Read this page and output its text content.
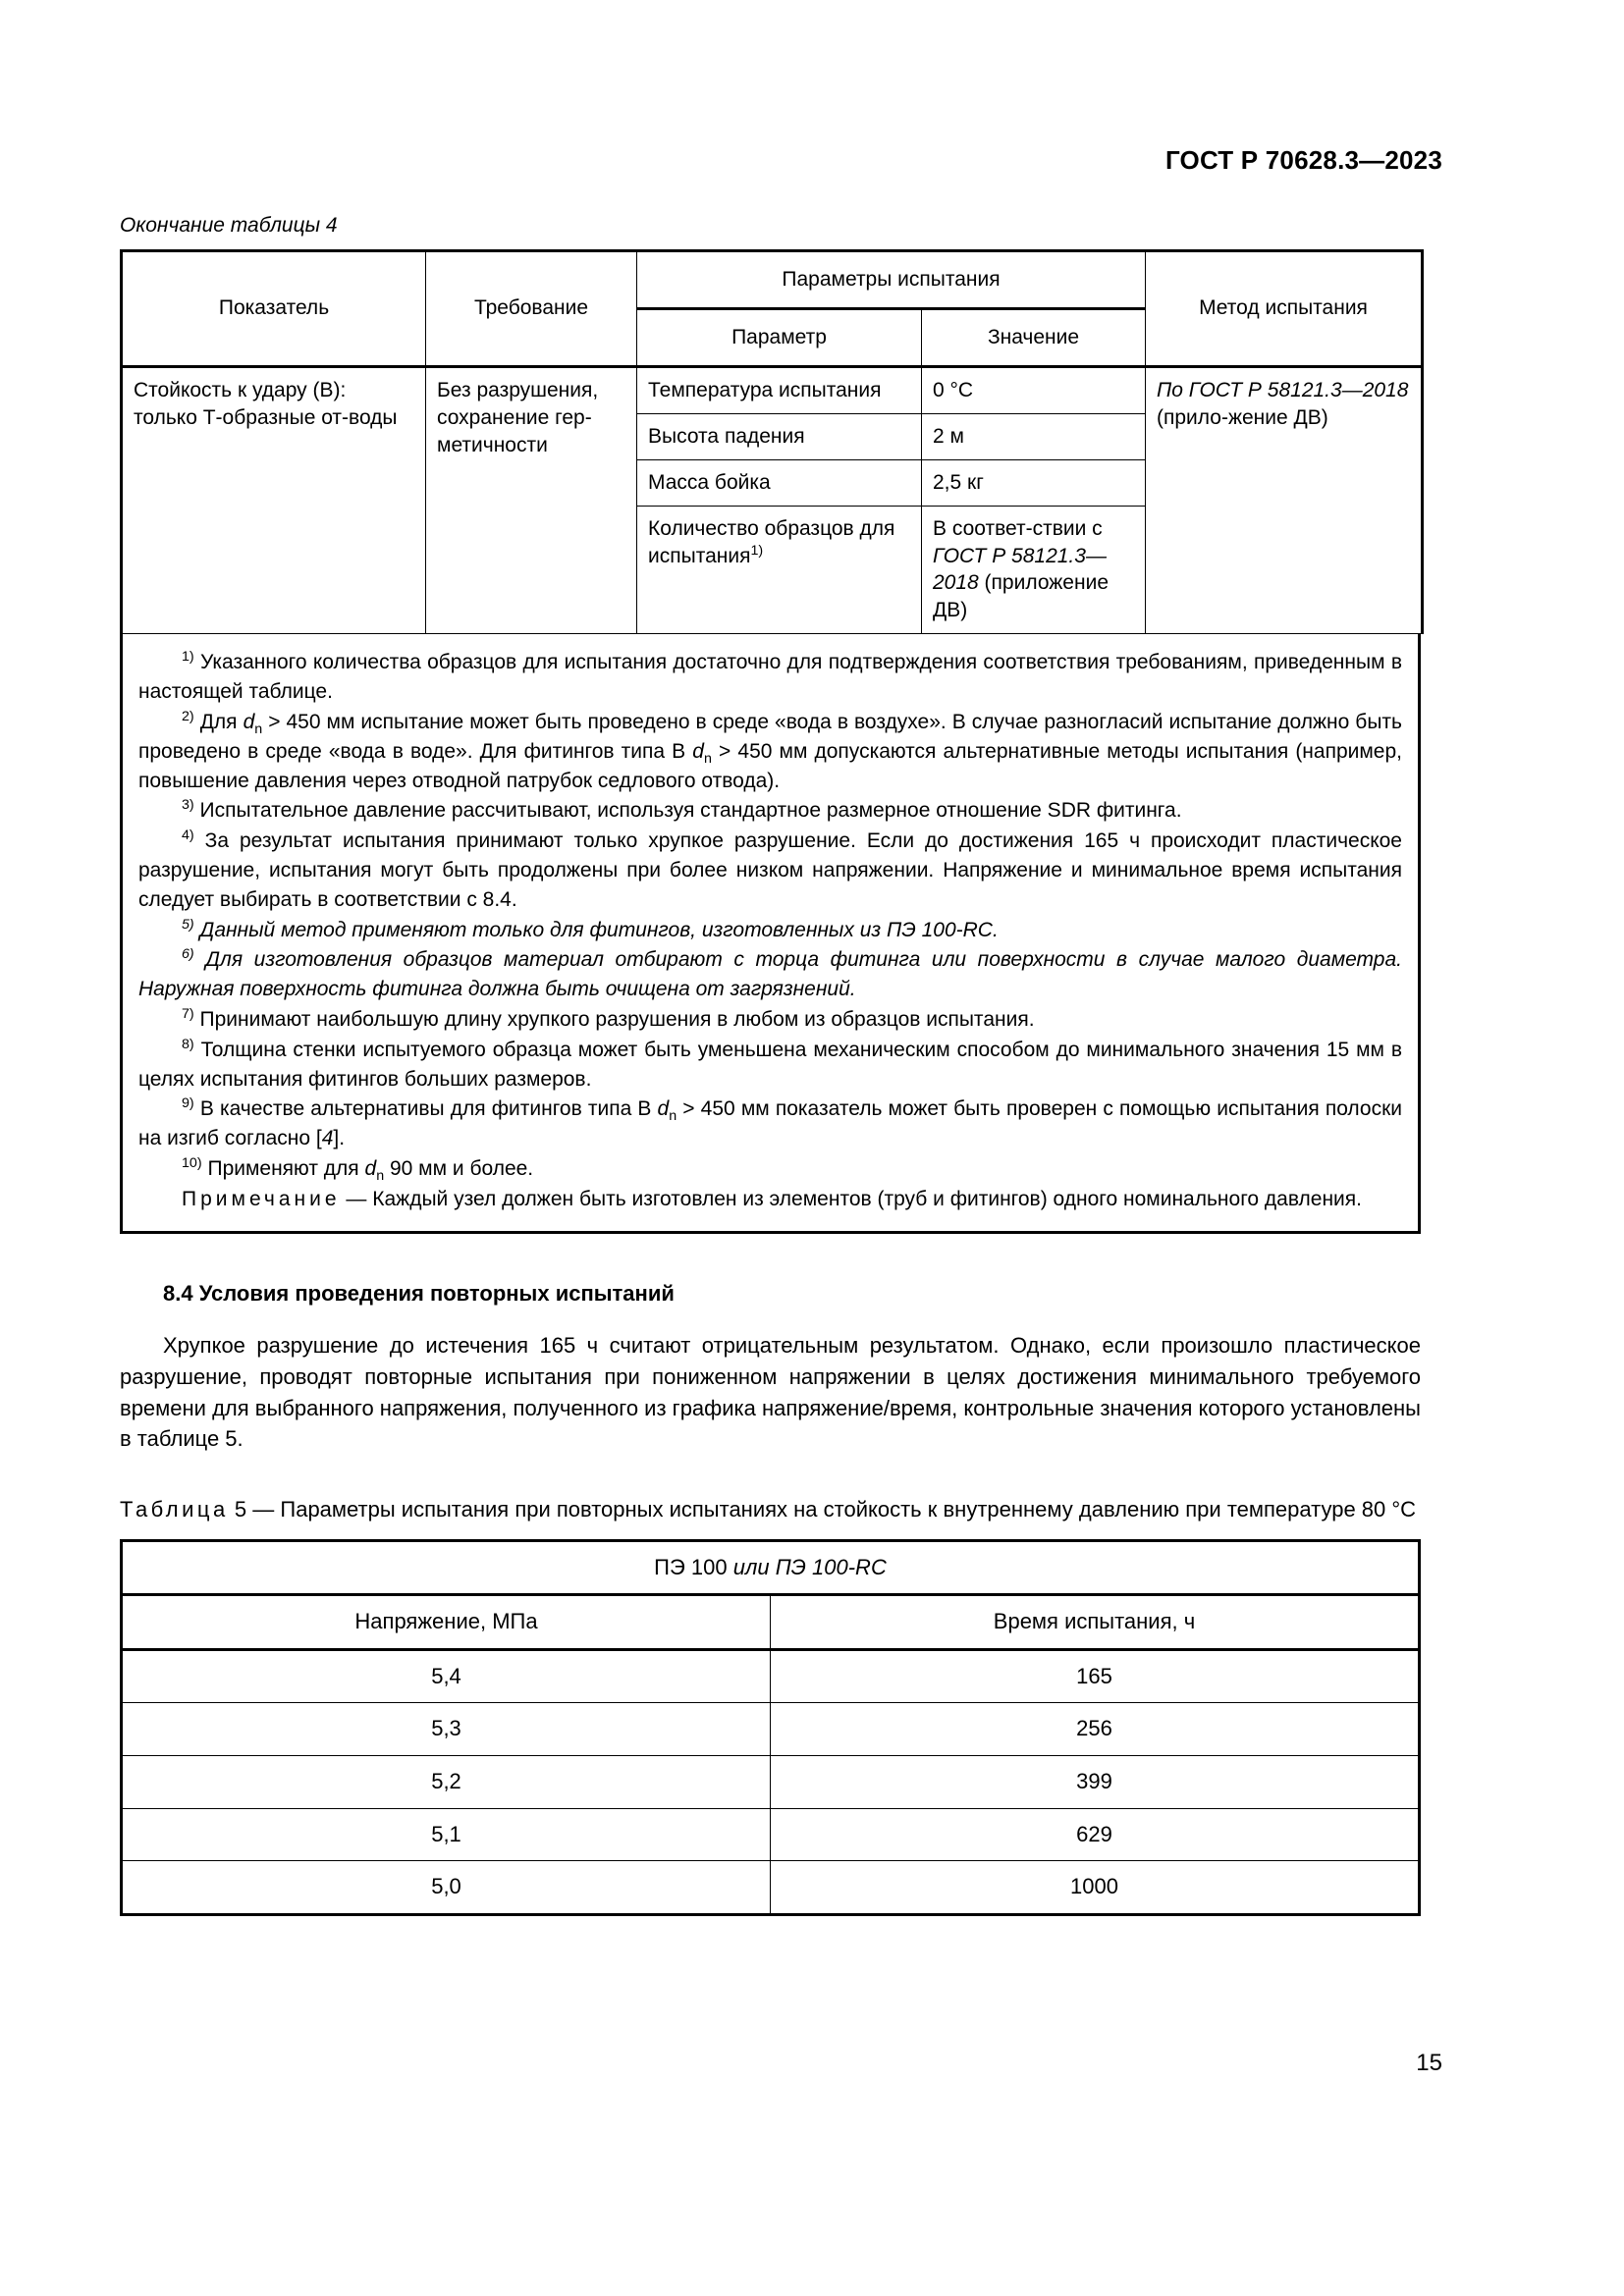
ГОСТ Р 70628.3—2023
Окончание таблицы 4
Показатель	Требование	Параметры испытания		Метод испытания
		Параметр	Значение	
Стойкость к удару (В): только Т-образные от-воды	Без разрушения, сохранение гер-метичности	Температура испытания	0 °C	По ГОСТ Р 58121.3—2018 (прило-жение ДВ)
		Высота падения	2 м	
		Масса бойка	2,5 кг	
		Количество образцов для испытания$^{1)}$	В соответ-ствии с ГОСТ Р 58121.3—2018 (приложение ДВ)	

$^{1)}$ Указанного количества образцов для испытания достаточно для подтверждения соответствия требованиям, приведенным в настоящей таблице.

$^{2)}$ Для $d_n > 450$ мм испытание может быть проведено в среде «вода в воздухе». В случае разногласий испытание должно быть проведено в среде «вода в воде». Для фитингов типа В $d_n > 450$ мм допускаются альтернативные методы испытания (например, повышение давления через отводной патрубок седлового отвода).

$^{3)}$ Испытательное давление рассчитывают, используя стандартное размерное отношение SDR фитинга.

$^{4)}$ За результат испытания принимают только хрупкое разрушение. Если до достижения 165 ч происходит пластическое разрушение, испытания могут быть продолжены при более низком напряжении. Напряжение и минимальное время испытания следует выбирать в соответствии с 8.4.

$^{5)}$ Данный метод применяют только для фитингов, изготовленных из ПЭ 100-RC.

$^{6)}$ Для изготовления образцов материал отбирают с торца фитинга или поверхности в случае малого диаметра. Наружная поверхность фитинга должна быть очищена от загрязнений.

$^{7)}$ Принимают наибольшую длину хрупкого разрушения в любом из образцов испытания.

$^{8)}$ Толщина стенки испытуемого образца может быть уменьшена механическим способом до минимального значения 15 мм в целях испытания фитингов больших размеров.

$^{9)}$ В качестве альтернативы для фитингов типа В $d_n > 450$ мм показатель может быть проверен с помощью испытания полоски на изгиб согласно [4].

$^{10)}$ Применяют для $d_n$ 90 мм и более.

Примечание — Каждый узел должен быть изготовлен из элементов (труб и фитингов) одного номинального давления.

8.4 Условия проведения повторных испытаний

Хрупкое разрушение до истечения 165 ч считают отрицательным результатом. Однако, если произошло пластическое разрушение, проводят повторные испытания при пониженном напряжении в целях достижения минимального требуемого времени для выбранного напряжения, полученного из графика напряжение/время, контрольные значения которого установлены в таблице 5.

Таблица 5 — Параметры испытания при повторных испытаниях на стойкость к внутреннему давлению при температуре 80 °C

ПЭ 100 или ПЭ 100-RC	
Напряжение, МПа	Время испытания, ч
5,4	165
5,3	256
5,2	399
5,1	629
5,0	1000
15
